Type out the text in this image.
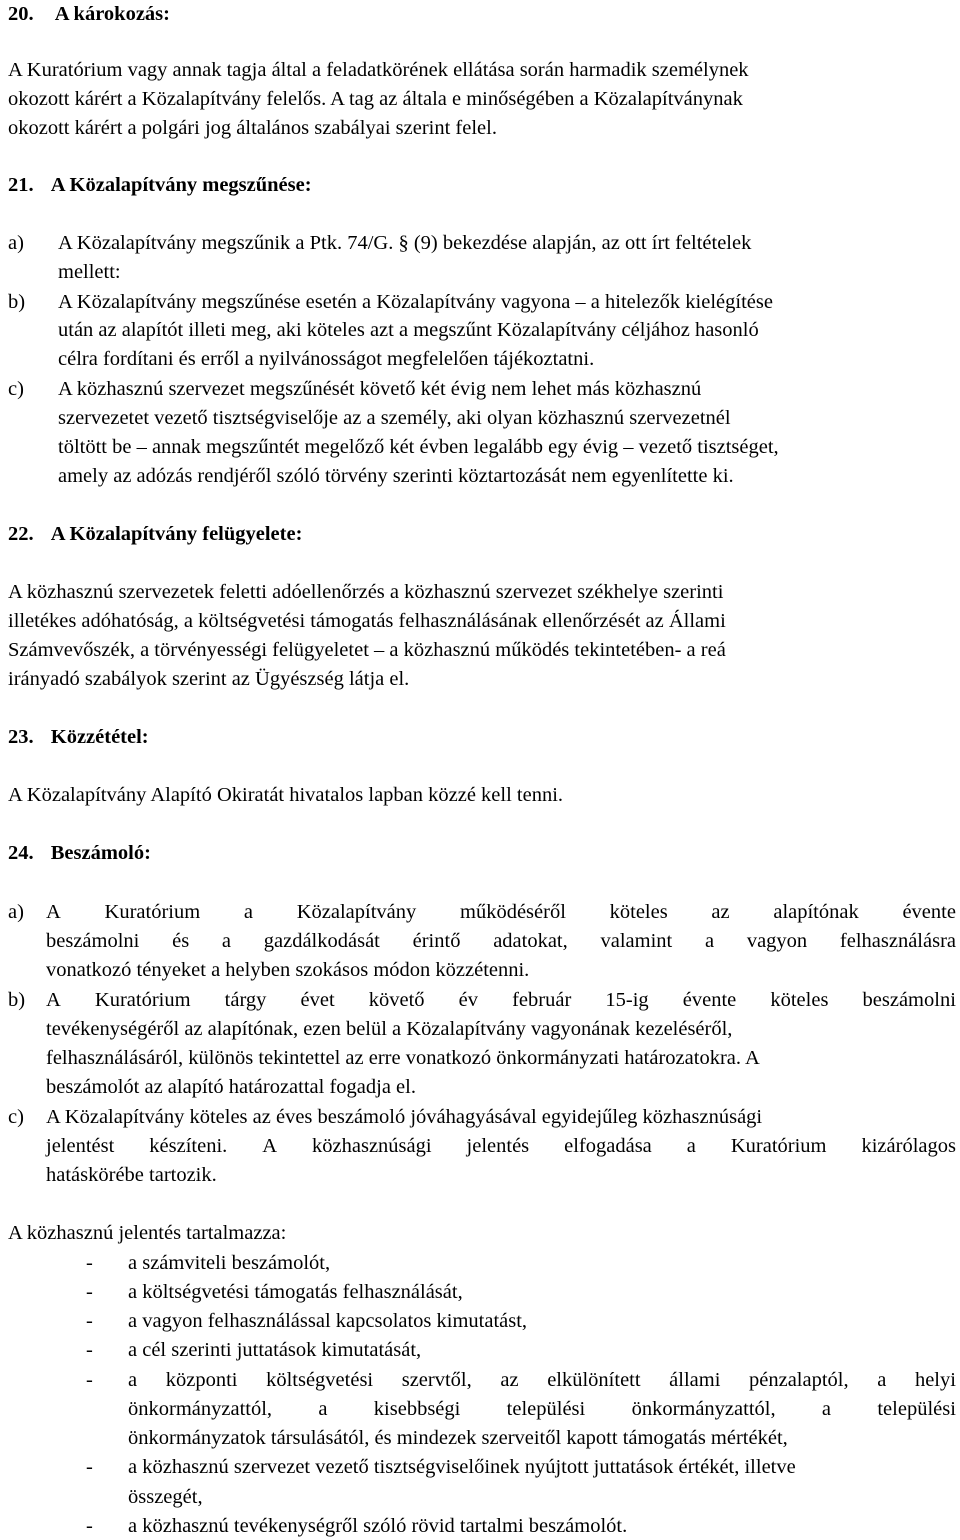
20. A károkozás:
A Kuratórium vagy annak tagja által a feladatkörének ellátása során harmadik személynek
okozott kárért a Közalapítvány felelős. A tag az általa e minőségében a Közalapítványnak
okozott kárért a polgári jog általános szabályai szerint felel.
21. A Közalapítvány megszűnése:
a) A Közalapítvány megszűnik a Ptk. 74/G. § (9) bekezdése alapján, az ott írt feltételek
mellett:
b) A Közalapítvány megszűnése esetén a Közalapítvány vagyona – a hitelezők kielégítése
után az alapítót illeti meg, aki köteles azt a megszűnt Közalapítvány céljához hasonló
célra fordítani és erről a nyilvánosságot megfelelően tájékoztatni.
c) A közhasznú szervezet megszűnését követő két évig nem lehet más közhasznú
szervezetet vezető tisztségviselője az a személy, aki olyan közhasznú szervezetnél
töltött be – annak megszűntét megelőző két évben legalább egy évig – vezető tisztséget,
amely az adózás rendjéről szóló törvény szerinti köztartozását nem egyenlítette ki.
22. A Közalapítvány felügyelete:
A közhasznú szervezetek feletti adóellenőrzés a közhasznú szervezet székhelye szerinti
illetékes adóhatóság, a költségvetési támogatás felhasználásának ellenőrzését az Állami
Számvevőszék, a törvényességi felügyeletet – a közhasznú működés tekintetében- a reá
irányadó szabályok szerint az Ügyészség látja el.
23. Közzététel:
A Közalapítvány Alapító Okiratát hivatalos lapban közzé kell tenni.
24. Beszámoló:
a) A Kuratórium a Közalapítvány működéséről köteles az alapítónak évente
beszámolni és a gazdálkodását érintő adatokat, valamint a vagyon felhasználásra
vonatkozó tényeket a helyben szokásos módon közzétenni.
b) A Kuratórium tárgy évet követő év február 15-ig évente köteles beszámolni
tevékenységéről az alapítónak, ezen belül a Közalapítvány vagyonának kezeléséről,
felhasználásáról, különös tekintettel az erre vonatkozó önkormányzati határozatokra. A
beszámolót az alapító határozattal fogadja el.
c) A Közalapítvány köteles az éves beszámoló jóváhagyásával egyidejűleg közhasznúsági
jelentést készíteni. A közhasznúsági jelentés elfogadása a Kuratórium kizárólagos
hatáskörébe tartozik.
A közhasznú jelentés tartalmazza:
- a számviteli beszámolót,
- a költségvetési támogatás felhasználását,
- a vagyon felhasználással kapcsolatos kimutatást,
- a cél szerinti juttatások kimutatását,
- a központi költségvetési szervtől, az elkülönített állami pénzalaptól, a helyi
önkormányzattól, a kisebbségi települési önkormányzattól, a települési
önkormányzatok társulásától, és mindezek szerveitől kapott támogatás mértékét,
- a közhasznú szervezet vezető tisztségviselőinek nyújtott juttatások értékét, illetve
összegét,
- a közhasznú tevékenységről szóló rövid tartalmi beszámolót.
